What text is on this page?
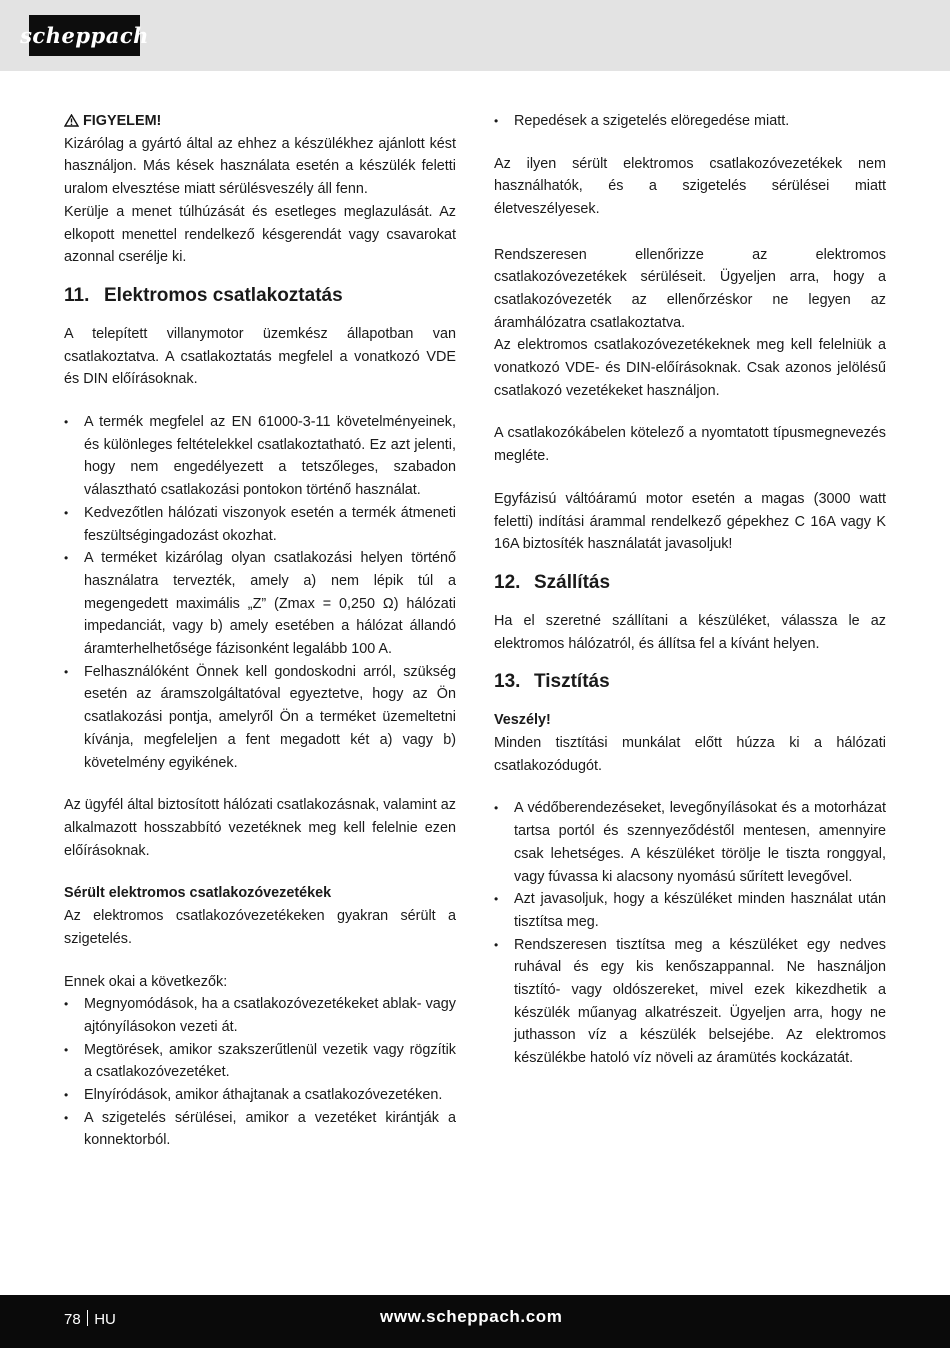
scheppach

FIGYELEM!

Kizárólag a gyártó által az ehhez a készülékhez ajánlott kést használjon. Más kések használata esetén a készülék feletti uralom elvesztése miatt sérülésveszély áll fenn.

Kerülje a menet túlhúzását és esetleges meglazulását. Az elkopott menettel rendelkező késgerendát vagy csavarokat azonnal cserélje ki.

11. Elektromos csatlakoztatás

A telepített villanymotor üzemkész állapotban van csatlakoztatva. A csatlakoztatás megfelel a vonatkozó VDE és DIN előírásoknak.

• A termék megfelel az EN 61000-3-11 követelményeinek, és különleges feltételekkel csatlakoztatható. Ez azt jelenti, hogy nem engedélyezett a tetszőleges, szabadon választható csatlakozási pontokon történő használat.
• Kedvezőtlen hálózati viszonyok esetén a termék átmeneti feszültségingadozást okozhat.
• A terméket kizárólag olyan csatlakozási helyen történő használatra tervezték, amely a) nem lépik túl a megengedett maximális „Z” (Zmax = 0,250 Ω) hálózati impedanciát, vagy b) amely esetében a hálózat állandó áramterhelhetősége fázisonként legalább 100 A.
• Felhasználóként Önnek kell gondoskodni arról, szükség esetén az áramszolgáltatóval egyeztetve, hogy az Ön csatlakozási pontja, amelyről Ön a terméket üzemeltetni kívánja, megfeleljen a fent megadott két a) vagy b) követelmény egyikének.

Az ügyfél által biztosított hálózati csatlakozásnak, valamint az alkalmazott hosszabbító vezetéknek meg kell felelnie ezen előírásoknak.

Sérült elektromos csatlakozóvezetékek

Az elektromos csatlakozóvezetékeken gyakran sérült a szigetelés.

Ennek okai a következők:

• Megnyomódások, ha a csatlakozóvezetékeket ablak- vagy ajtónyílásokon vezeti át.
• Megtörések, amikor szakszerűtlenül vezetik vagy rögzítik a csatlakozóvezetéket.
• Elnyíródások, amikor áthajtanak a csatlakozóvezetéken.
• A szigetelés sérülései, amikor a vezetéket kirántják a konnektorból.
• Repedések a szigetelés elöregedése miatt.

Az ilyen sérült elektromos csatlakozóvezetékek nem használhatók, és a szigetelés sérülései miatt életveszélyesek.

Rendszeresen ellenőrizze az elektromos csatlakozóvezetékek sérüléseit. Ügyeljen arra, hogy a csatlakozóvezeték az ellenőrzéskor ne legyen az áramhálózatra csatlakoztatva.

Az elektromos csatlakozóvezetékeknek meg kell felelniük a vonatkozó VDE- és DIN-előírásoknak. Csak azonos jelölésű csatlakozó vezetékeket használjon.

A csatlakozókábelen kötelező a nyomtatott típusmegnevezés megléte.

Egyfázisú váltóáramú motor esetén a magas (3000 watt feletti) indítási árammal rendelkező gépekhez C 16A vagy K 16A biztosíték használatát javasoljuk!

12. Szállítás

Ha el szeretné szállítani a készüléket, válassza le az elektromos hálózatról, és állítsa fel a kívánt helyen.

13. Tisztítás

Veszély!

Minden tisztítási munkálat előtt húzza ki a hálózati csatlakozódugót.

• A védőberendezéseket, levegőnyílásokat és a motorházat tartsa portól és szennyeződéstől mentesen, amennyire csak lehetséges. A készüléket törölje le tiszta ronggyal, vagy fúvassa ki alacsony nyomású sűrített levegővel.
• Azt javasoljuk, hogy a készüléket minden használat után tisztítsa meg.
• Rendszeresen tisztítsa meg a készüléket egy nedves ruhával és egy kis kenőszappannal. Ne használjon tisztító- vagy oldószereket, mivel ezek kikezdhetik a készülék műanyag alkatrészeit. Ügyeljen arra, hogy ne juthasson víz a készülék belsejébe. Az elektromos készülékbe hatoló víz növeli az áramütés kockázatát.
78 HU	www.scheppach.com
